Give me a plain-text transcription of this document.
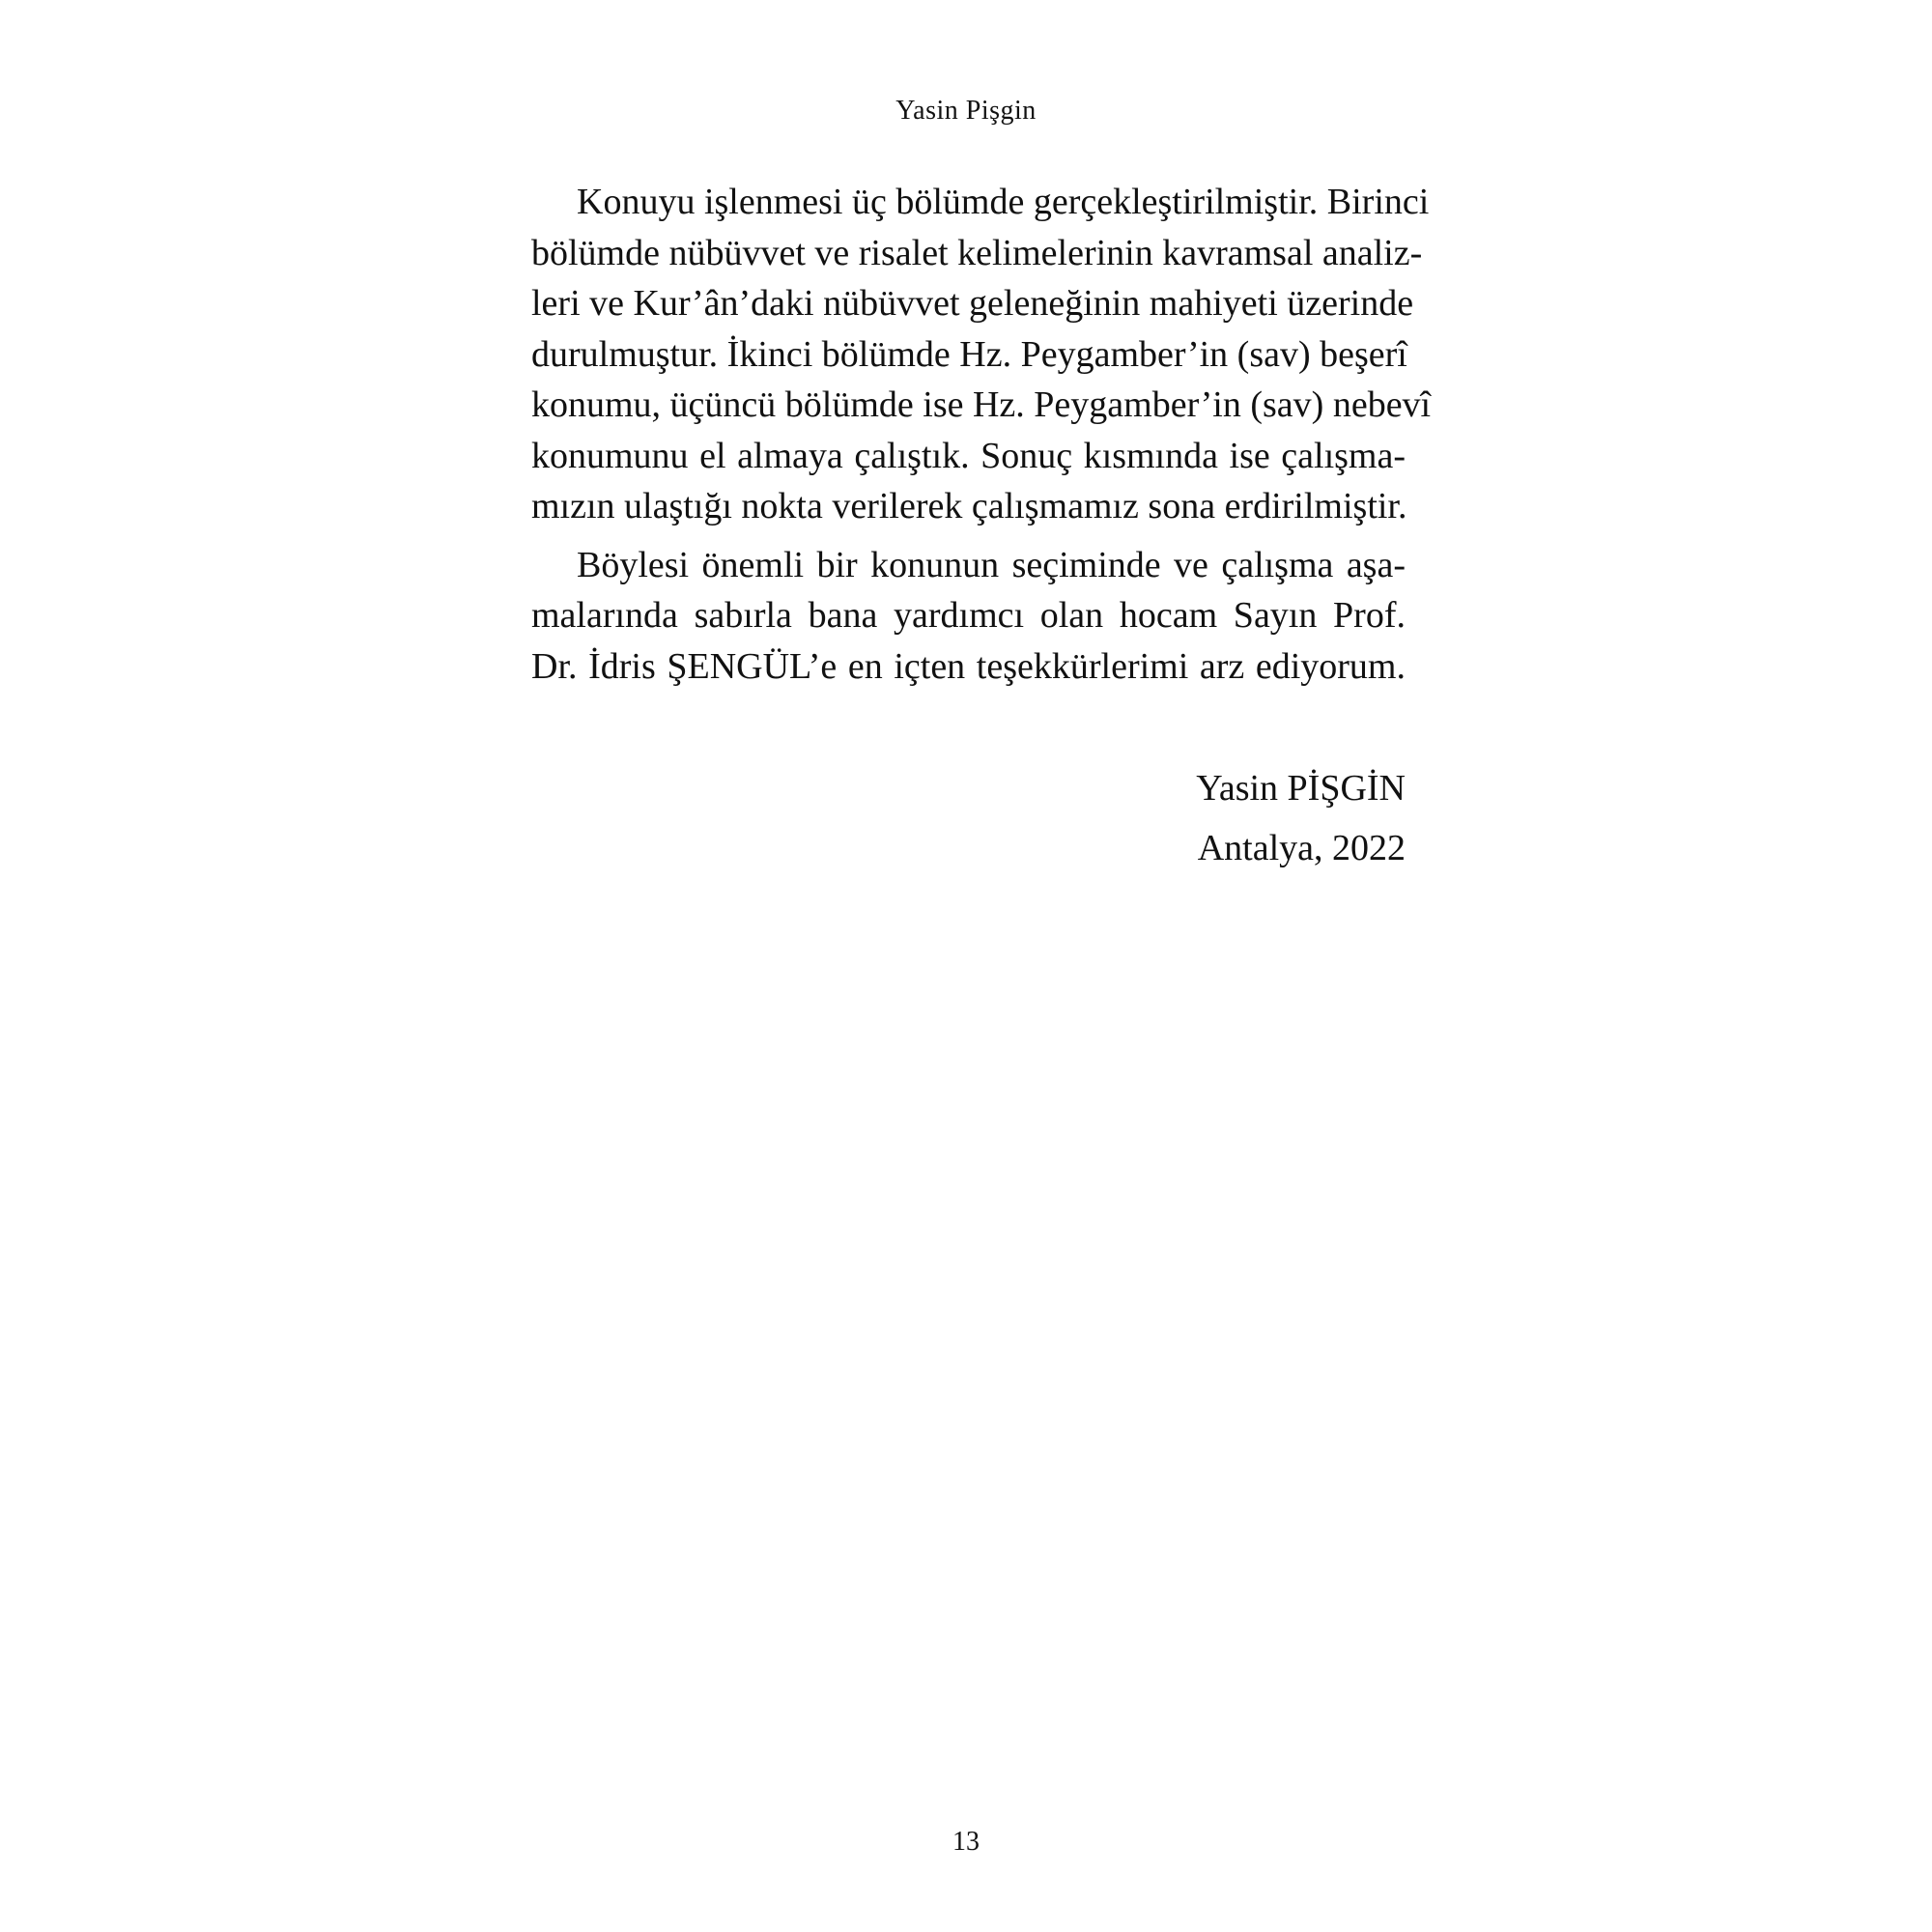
Yasin Pişgin

Konuyu işlenmesi üç bölümde gerçekleştirilmiştir. Birinci
bölümde nübüvvet ve risalet kelimelerinin kavramsal analiz-
leri ve Kur’ân’daki nübüvvet geleneğinin mahiyeti üzerinde
durulmuştur. İkinci bölümde Hz. Peygamber’in (sav) beşerî
konumu, üçüncü bölümde ise Hz. Peygamber’in (sav) nebevî
konumunu el almaya çalıştık. Sonuç kısmında ise çalışma-
mızın ulaştığı nokta verilerek çalışmamız sona erdirilmiştir.

Böylesi önemli bir konunun seçiminde ve çalışma aşa-
malarında sabırla bana yardımcı olan hocam Sayın Prof.
Dr. İdris ŞENGÜL’e en içten teşekkürlerimi arz ediyorum.

Yasin PİŞGİN
Antalya, 2022
13
